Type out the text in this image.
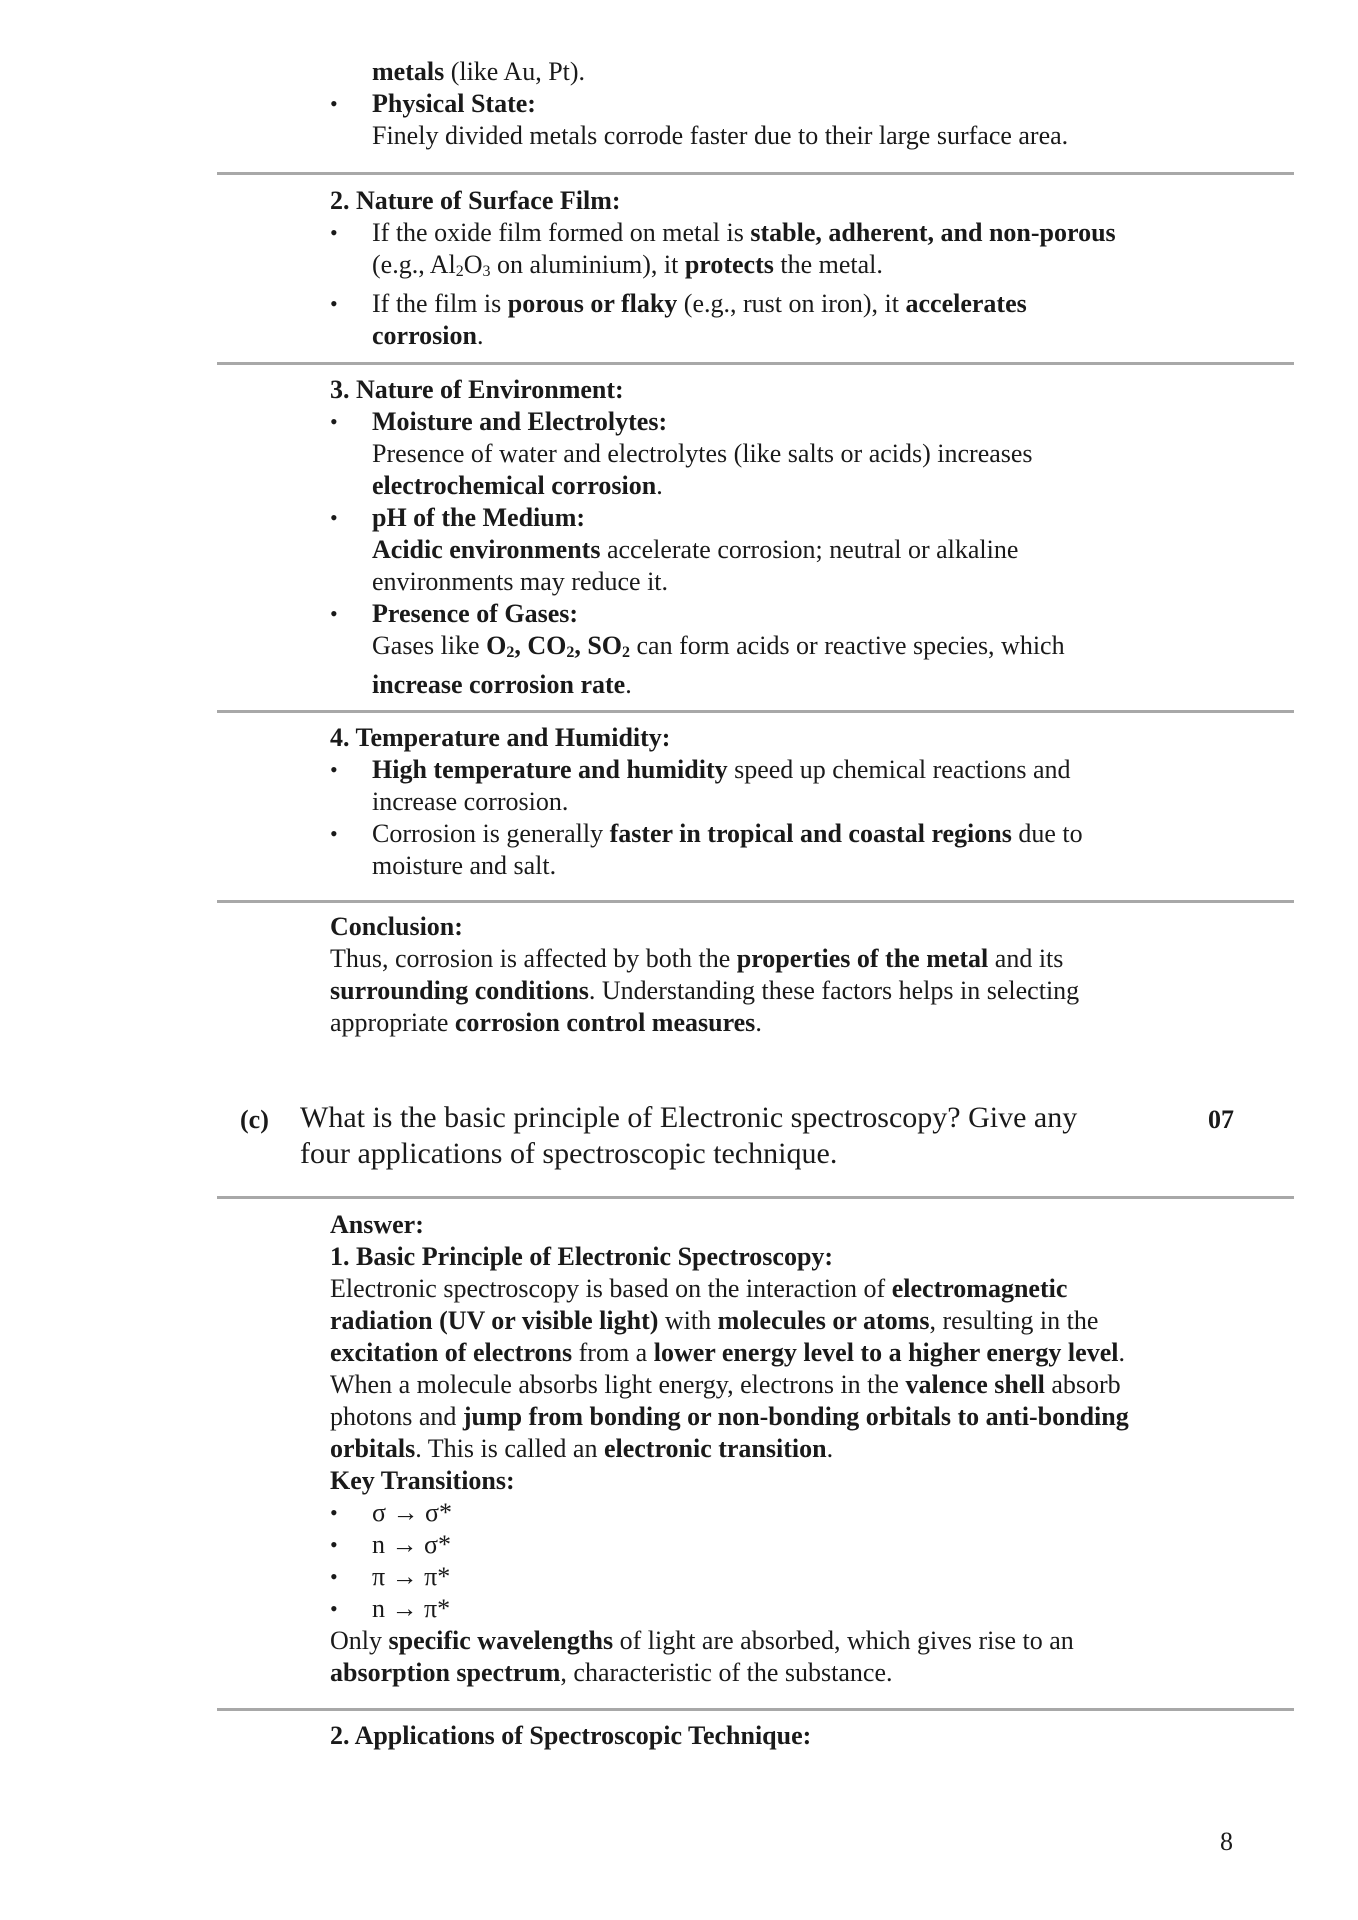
metals (like Au, Pt).
• Physical State:
Finely divided metals corrode faster due to their large surface area.
2. Nature of Surface Film:
• If the oxide film formed on metal is stable, adherent, and non-porous
(e.g., Al2O3 on aluminium), it protects the metal.
• If the film is porous or flaky (e.g., rust on iron), it accelerates
corrosion.
3. Nature of Environment:
• Moisture and Electrolytes:
Presence of water and electrolytes (like salts or acids) increases
electrochemical corrosion.
• pH of the Medium:
Acidic environments accelerate corrosion; neutral or alkaline
environments may reduce it.
• Presence of Gases:
Gases like O2, CO2, SO2 can form acids or reactive species, which
increase corrosion rate.
4. Temperature and Humidity:
• High temperature and humidity speed up chemical reactions and
increase corrosion.
• Corrosion is generally faster in tropical and coastal regions due to
moisture and salt.
Conclusion:
Thus, corrosion is affected by both the properties of the metal and its
surrounding conditions. Understanding these factors helps in selecting
appropriate corrosion control measures.
(c) What is the basic principle of Electronic spectroscopy? Give any
four applications of spectroscopic technique.
07
Answer:
1. Basic Principle of Electronic Spectroscopy:
Electronic spectroscopy is based on the interaction of electromagnetic
radiation (UV or visible light) with molecules or atoms, resulting in the
excitation of electrons from a lower energy level to a higher energy level.
When a molecule absorbs light energy, electrons in the valence shell absorb
photons and jump from bonding or non-bonding orbitals to anti-bonding
orbitals. This is called an electronic transition.
Key Transitions:
• σ → σ*
• n → σ*
• π → π*
• n → π*
Only specific wavelengths of light are absorbed, which gives rise to an
absorption spectrum, characteristic of the substance.
2. Applications of Spectroscopic Technique:
8
